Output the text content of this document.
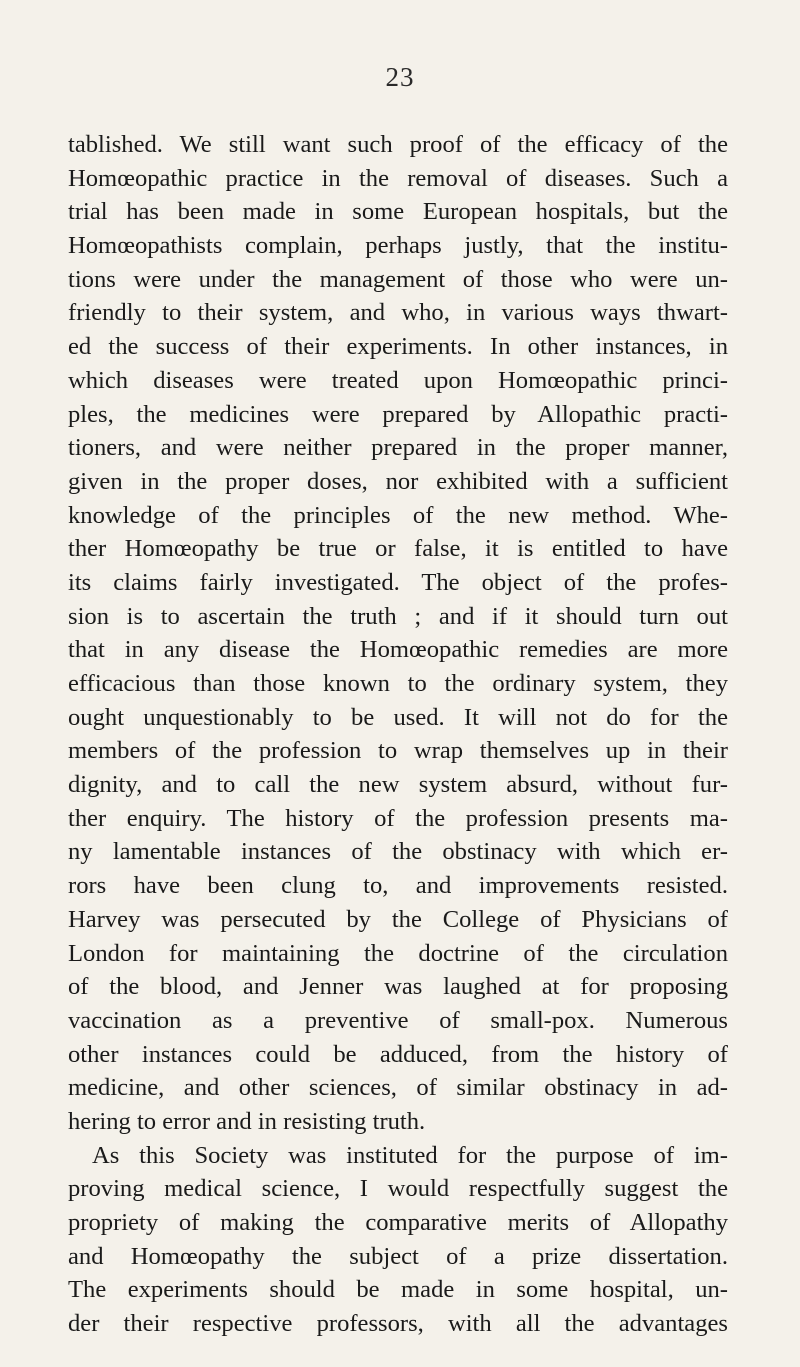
23
tablished. We still want such proof of the efficacy of the
Homœopathic practice in the removal of diseases. Such a
trial has been made in some European hospitals, but the
Homœopathists complain, perhaps justly, that the institu-
tions were under the management of those who were un-
friendly to their system, and who, in various ways thwart-
ed the success of their experiments. In other instances, in
which diseases were treated upon Homœopathic princi-
ples, the medicines were prepared by Allopathic practi-
tioners, and were neither prepared in the proper manner,
given in the proper doses, nor exhibited with a sufficient
knowledge of the principles of the new method. Whe-
ther Homœopathy be true or false, it is entitled to have
its claims fairly investigated. The object of the profes-
sion is to ascertain the truth ; and if it should turn out
that in any disease the Homœopathic remedies are more
efficacious than those known to the ordinary system, they
ought unquestionably to be used. It will not do for the
members of the profession to wrap themselves up in their
dignity, and to call the new system absurd, without fur-
ther enquiry. The history of the profession presents ma-
ny lamentable instances of the obstinacy with which er-
rors have been clung to, and improvements resisted.
Harvey was persecuted by the College of Physicians of
London for maintaining the doctrine of the circulation
of the blood, and Jenner was laughed at for proposing
vaccination as a preventive of small-pox. Numerous
other instances could be adduced, from the history of
medicine, and other sciences, of similar obstinacy in ad-
hering to error and in resisting truth.
As this Society was instituted for the purpose of im-
proving medical science, I would respectfully suggest the
propriety of making the comparative merits of Allopathy
and Homœopathy the subject of a prize dissertation.
The experiments should be made in some hospital, un-
der their respective professors, with all the advantages
